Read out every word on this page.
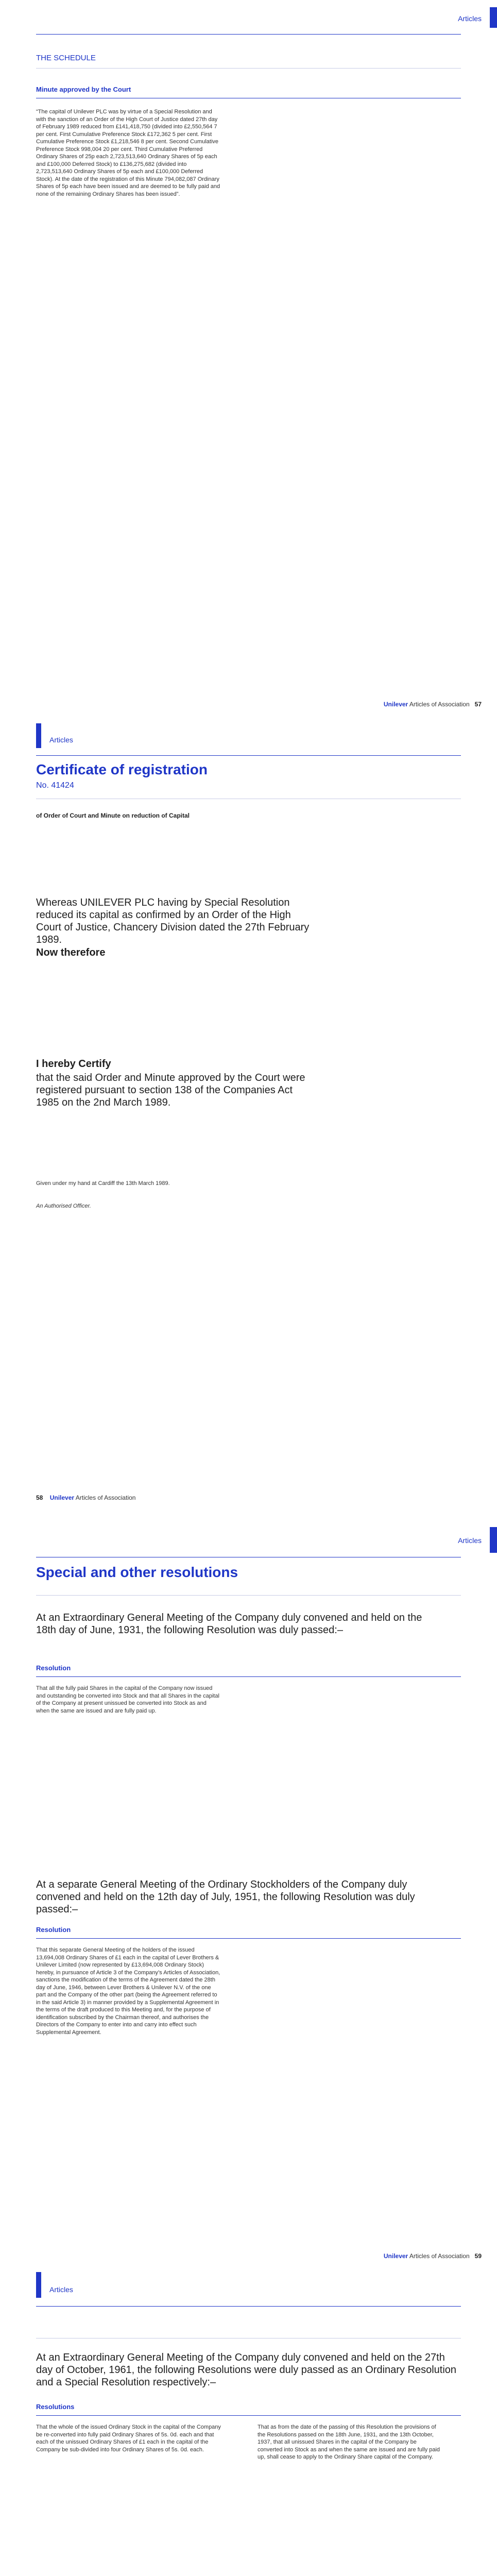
Articles
THE SCHEDULE
Minute approved by the Court
“The capital of Unilever PLC was by virtue of a Special Resolution and with the sanction of an Order of the High Court of Justice dated 27th day of February 1989 reduced from £141,418,750 (divided into £2,550,564 7 per cent. First Cumulative Preference Stock £172,362 5 per cent. First Cumulative Preference Stock £1,218,546 8 per cent. Second Cumulative Preference Stock 998,004 20 per cent. Third Cumulative Preferred Ordinary Shares of 25p each 2,723,513,640 Ordinary Shares of 5p each and £100,000 Deferred Stock) to £136,275,682 (divided into 2,723,513,640 Ordinary Shares of 5p each and £100,000 Deferred Stock). At the date of the registration of this Minute 794,082,087 Ordinary Shares of 5p each have been issued and are deemed to be fully paid and none of the remaining Ordinary Shares has been issued”.
Unilever Articles of Association 57
Articles
Certificate of registration
No. 41424
of Order of Court and Minute on reduction of Capital
Whereas UNILEVER PLC having by Special Resolution reduced its capital as confirmed by an Order of the High Court of Justice, Chancery Division dated the 27th February 1989.
Now therefore
I hereby Certify
that the said Order and Minute approved by the Court were registered pursuant to section 138 of the Companies Act 1985 on the 2nd March 1989.
Given under my hand at Cardiff the 13th March 1989.
An Authorised Officer.
58 Unilever Articles of Association
Articles
Special and other resolutions
At an Extraordinary General Meeting of the Company duly convened and held on the 18th day of June, 1931, the following Resolution was duly passed:–
Resolution
That all the fully paid Shares in the capital of the Company now issued and outstanding be converted into Stock and that all Shares in the capital of the Company at present unissued be converted into Stock as and when the same are issued and are fully paid up.
At a separate General Meeting of the Ordinary Stockholders of the Company duly convened and held on the 12th day of July, 1951, the following Resolution was duly passed:–
Resolution
That this separate General Meeting of the holders of the issued 13,694,008 Ordinary Shares of £1 each in the capital of Lever Brothers & Unilever Limited (now represented by £13,694,008 Ordinary Stock) hereby, in pursuance of Article 3 of the Company’s Articles of Association, sanctions the modification of the terms of the Agreement dated the 28th day of June, 1946, between Lever Brothers & Unilever N.V. of the one part and the Company of the other part (being the Agreement referred to in the said Article 3) in manner provided by a Supplemental Agreement in the terms of the draft produced to this Meeting and, for the purpose of identification subscribed by the Chairman thereof, and authorises the Directors of the Company to enter into and carry into effect such Supplemental Agreement.
Unilever Articles of Association 59
Articles
At an Extraordinary General Meeting of the Company duly convened and held on the 27th day of October, 1961, the following Resolutions were duly passed as an Ordinary Resolution and a Special Resolution respectively:–
Resolutions
That the whole of the issued Ordinary Stock in the capital of the Company be re-converted into fully paid Ordinary Shares of 5s. 0d. each and that each of the unissued Ordinary Shares of £1 each in the capital of the Company be sub-divided into four Ordinary Shares of 5s. 0d. each.
That as from the date of the passing of this Resolution the provisions of the Resolutions passed on the 18th June, 1931, and the 13th October, 1937, that all unissued Shares in the capital of the Company be converted into Stock as and when the same are issued and are fully paid up, shall cease to apply to the Ordinary Share capital of the Company.
